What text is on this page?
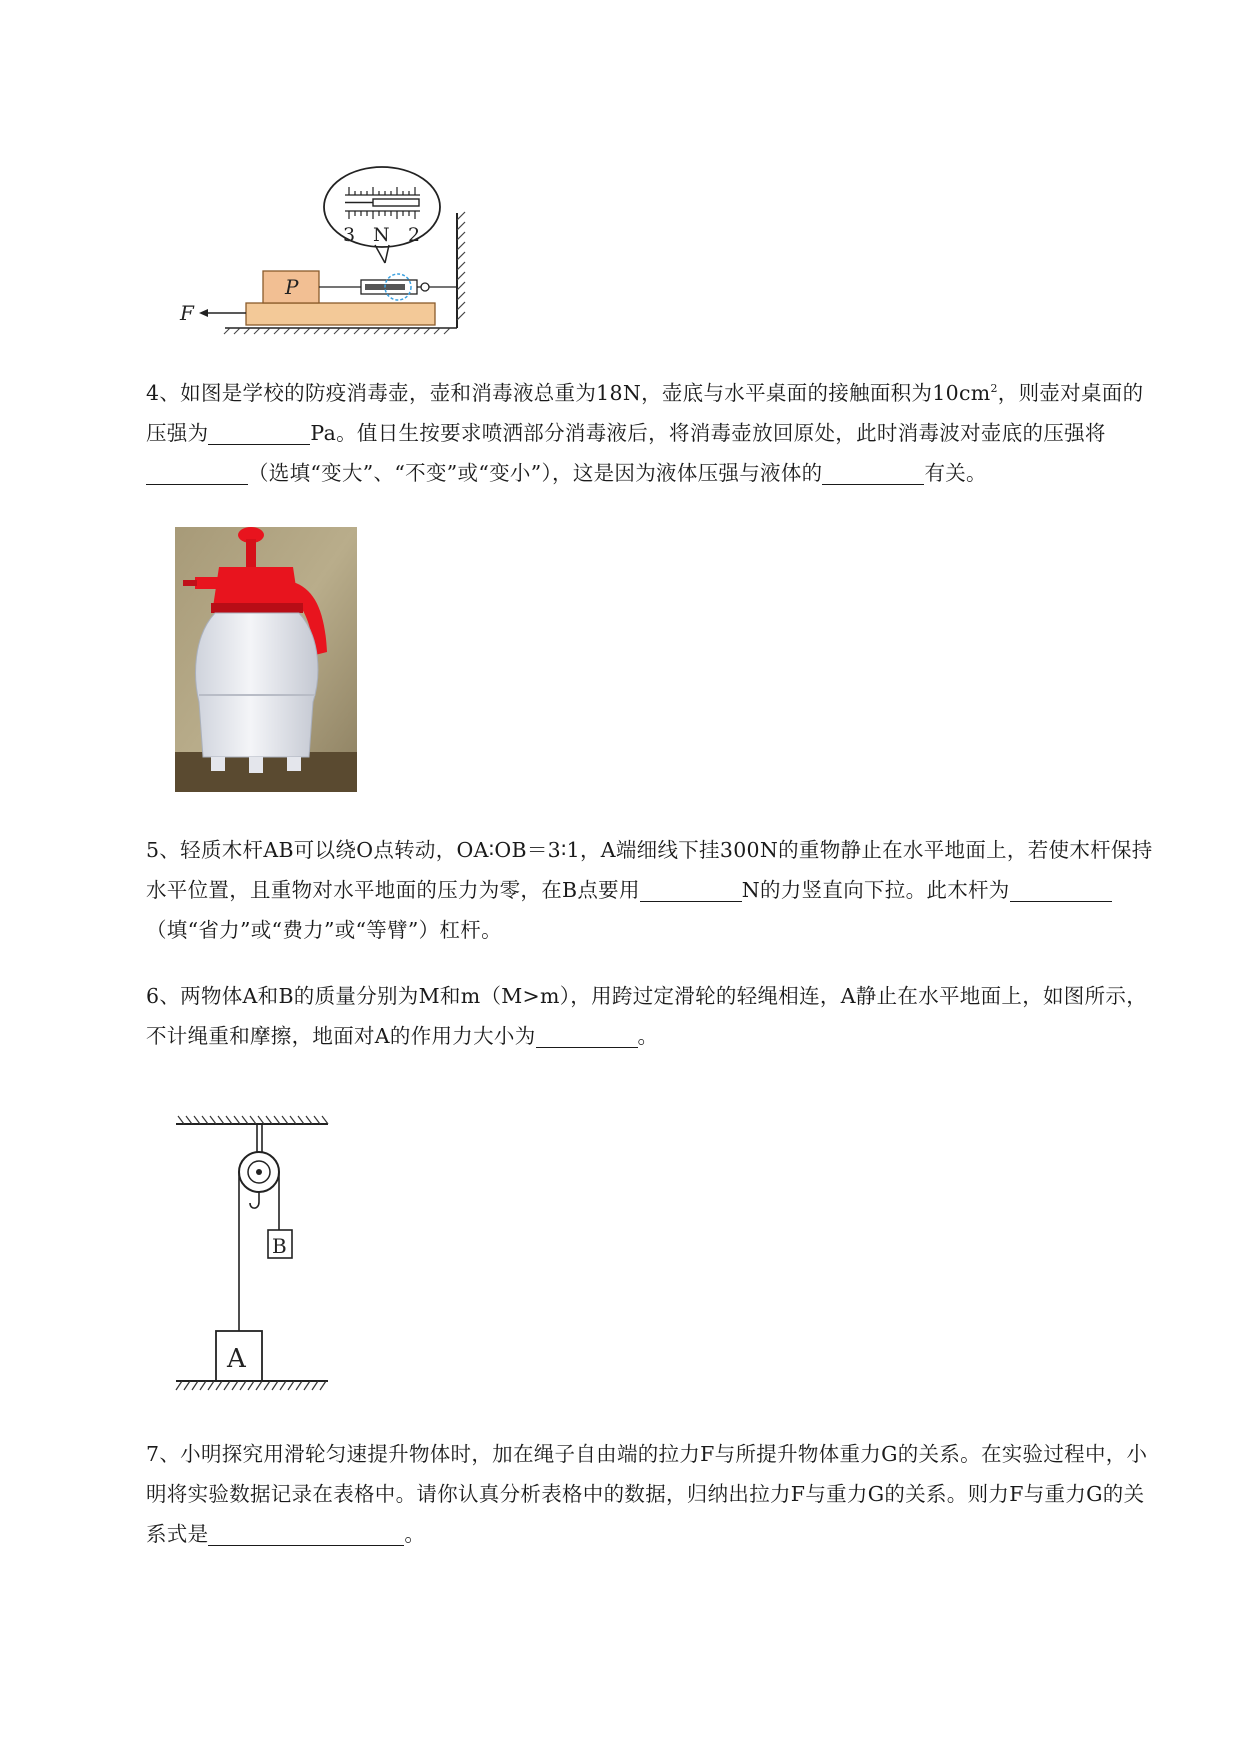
3 N 2
P
F
4、如图是学校的防疫消毒壶，壶和消毒液总重为18N，壶底与水平桌面的接触面积为$10cm^2$，则壶对桌面的压强为	Pa。值日生按要求喷洒部分消毒液后，将消毒壶放回原处，此时消毒波对壶底的压强将（选填“变大”、“不变”或“变小”），这是因为液体压强与液体的	有关。
5、轻质木杆AB可以绕O点转动，OA∶OB＝3∶1，A端细线下挂300N的重物静止在水平地面上，若使木杆保持水平位置，且重物对水平地面的压力为零，在B点要用	N的力竖直向下拉。此木杆为（填“省力”或“费力”或“等臂”）杠杆。
6、两物体A和B的质量分别为M和m（M>m），用跨过定滑轮的轻绳相连，A静止在水平地面上，如图所示，不计绳重和摩擦，地面对A的作用力大小为	。
B
A
7、小明探究用滑轮匀速提升物体时，加在绳子自由端的拉力F与所提升物体重力G的关系。在实验过程中，小明将实验数据记录在表格中。请你认真分析表格中的数据，归纳出拉力F与重力G的关系。则力F与重力G的关系式是	。
